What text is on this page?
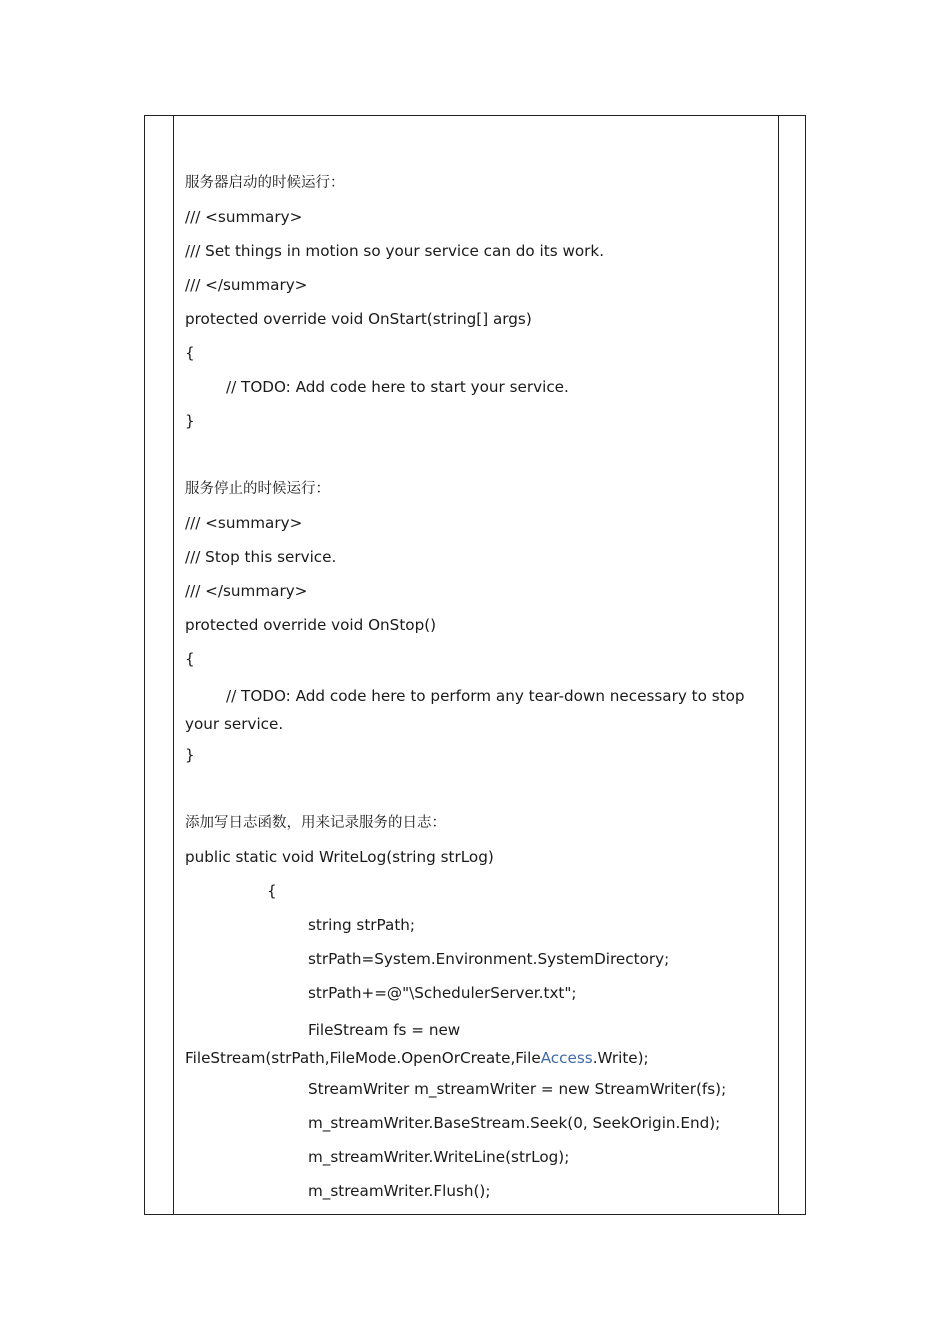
服务器启动的时候运行：
/// <summary>
/// Set things in motion so your service can do its work.
/// </summary>
protected override void OnStart(string[] args)
{
// TODO: Add code here to start your service.
}
服务停止的时候运行：
/// <summary>
/// Stop this service.
/// </summary>
protected override void OnStop()
{
// TODO: Add code here to perform any tear-down necessary to stop your service.
}
添加写日志函数，用来记录服务的日志：
public static void WriteLog(string strLog)
{
string strPath;
strPath=System.Environment.SystemDirectory;
strPath+=@"\SchedulerServer.txt";
FileStream fs = new FileStream(strPath,FileMode.OpenOrCreate,FileAccess.Write);
StreamWriter m_streamWriter = new StreamWriter(fs);
m_streamWriter.BaseStream.Seek(0, SeekOrigin.End);
m_streamWriter.WriteLine(strLog);
m_streamWriter.Flush();
